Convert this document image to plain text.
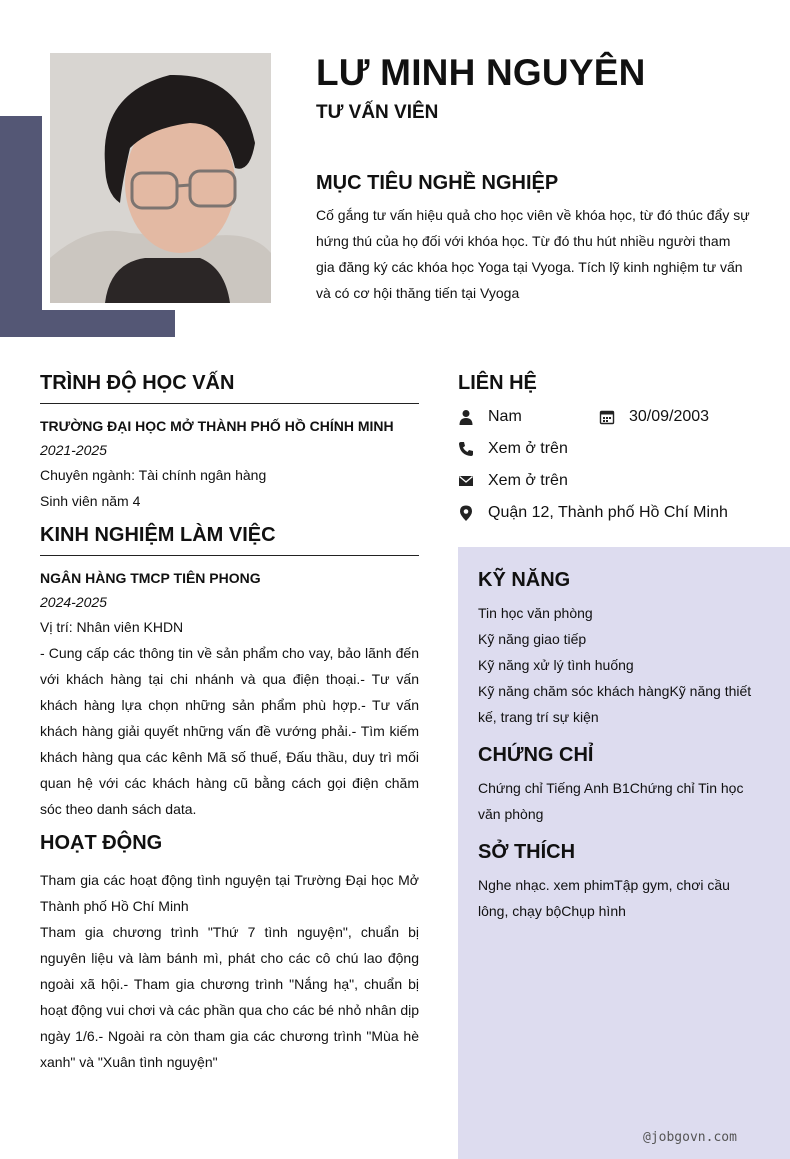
LƯ MINH NGUYÊN
TƯ VẤN VIÊN
MỤC TIÊU NGHỀ NGHIỆP

Cố gắng tư vấn hiệu quả cho học viên về khóa học, từ đó thúc đẩy sự hứng thú của họ đối với khóa học. Từ đó thu hút nhiều người tham gia đăng ký các khóa học Yoga tại Vyoga. Tích lỹ kinh nghiệm tư vấn và có cơ hội thăng tiến tại Vyoga

TRÌNH ĐỘ HỌC VẤN

TRƯỜNG ĐẠI HỌC MỞ THÀNH PHỐ HỒ CHÍNH MINH

2021-2025

Chuyên ngành: Tài chính ngân hàng

Sinh viên năm 4

KINH NGHIỆM LÀM VIỆC

NGÂN HÀNG TMCP TIÊN PHONG

2024-2025

Vị trí: Nhân viên KHDN

- Cung cấp các thông tin về sản phẩm cho vay, bảo lãnh đến với khách hàng tại chi nhánh và qua điện thoại.- Tư vấn khách hàng lựa chọn những sản phẩm phù hợp.- Tư vấn khách hàng giải quyết những vấn đề vướng phải.- Tìm kiếm khách hàng qua các kênh Mã số thuế, Đấu thầu, duy trì mối quan hệ với các khách hàng cũ bằng cách gọi điện chăm sóc theo danh sách data.

HOẠT ĐỘNG

Tham gia các hoạt động tình nguyện tại Trường Đại học Mở Thành phố Hồ Chí Minh

Tham gia chương trình "Thứ 7 tình nguyện", chuẩn bị nguyên liệu và làm bánh mì, phát cho các cô chú lao động ngoài xã hội.- Tham gia chương trình "Nắng hạ", chuẩn bị hoạt động vui chơi và các phần qua cho các bé nhỏ nhân dịp ngày 1/6.- Ngoài ra còn tham gia các chương trình "Mùa hè xanh" và "Xuân tình nguyện"

LIÊN HỆ
Nam	30/09/2003
Xem ở trên
Xem ở trên
Quận 12, Thành phố Hồ Chí Minh
KỸ NĂNG

Tin học văn phòng

Kỹ năng giao tiếp

Kỹ năng xử lý tình huống

Kỹ năng chăm sóc khách hàngKỹ năng thiết kế, trang trí sự kiện

CHỨNG CHỈ

Chứng chỉ Tiếng Anh B1Chứng chỉ Tin học văn phòng

SỞ THÍCH

Nghe nhạc. xem phimTập gym, chơi cầu lông, chạy bộChụp hình

@jobgovn.com
